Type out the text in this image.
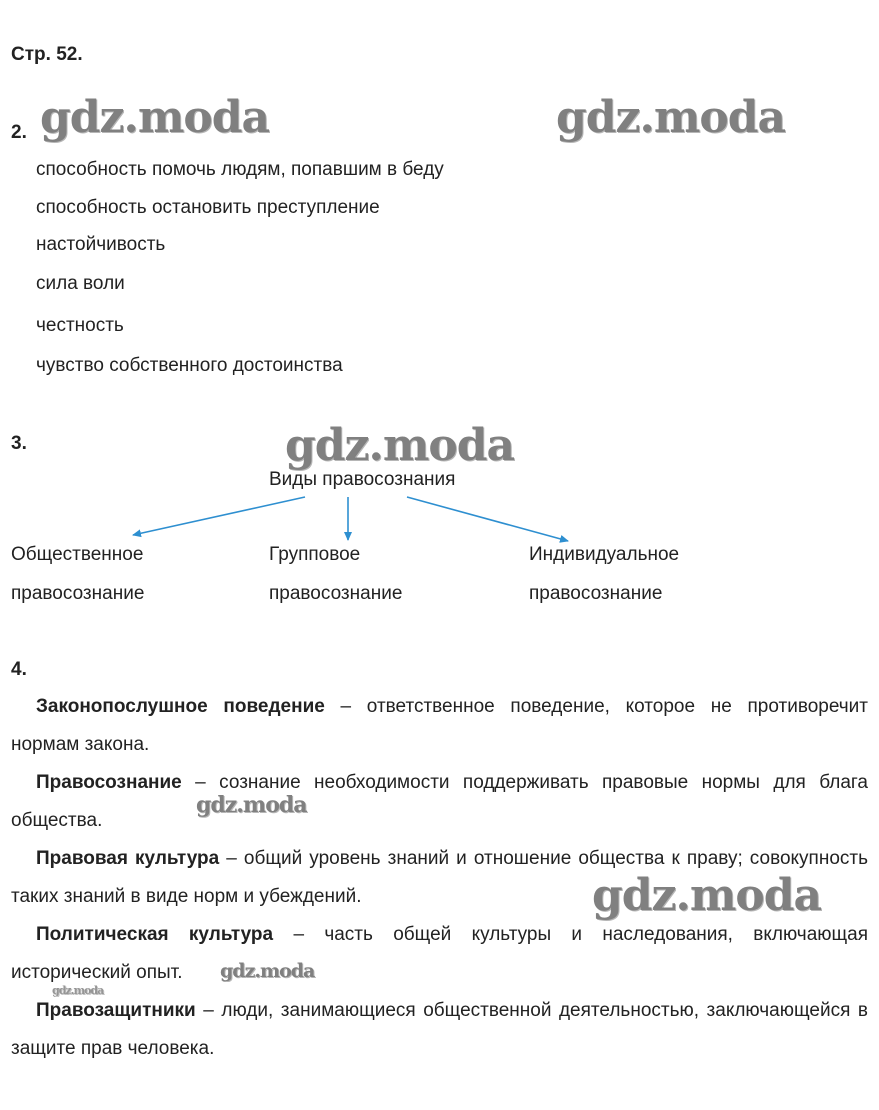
Стр. 52.
gdz.moda	gdz.moda
gdz.moda
gdz.moda
gdz.moda
gdz.moda
gdz.moda
2.
способность помочь людям, попавшим в беду
способность остановить преступление
настойчивость
сила воли
честность
чувство собственного достоинства
3.
Виды правосознания
Общественное
правосознание
Групповое
правосознание
Индивидуальное
правосознание
4.
Законопослушное поведение – ответственное поведение, которое не противоречит нормам закона.
Правосознание – сознание необходимости поддерживать правовые нормы для блага общества.
Правовая культура – общий уровень знаний и отношение общества к праву; совокупность таких знаний в виде норм и убеждений.
Политическая культура – часть общей культуры и наследования, включающая исторический опыт.
Правозащитники – люди, занимающиеся общественной деятельностью, заключающейся в защите прав человека.
